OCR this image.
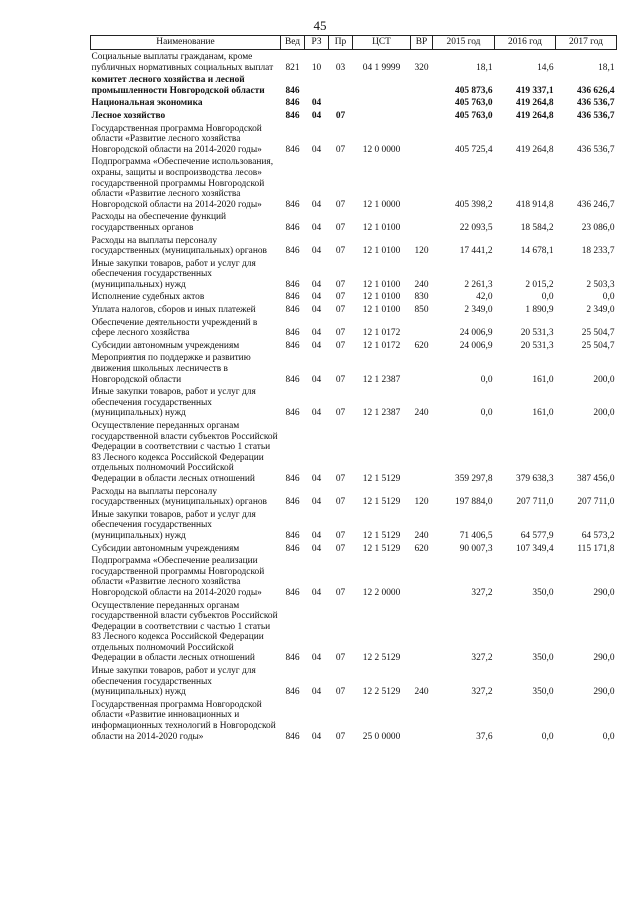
45
Наименование	Вед	РЗ	Пр	ЦСТ	ВР	2015 год	2016 год	2017 год
Социальные выплаты гражданам, кроме публичных нормативных социальных выплат	821	10	03	04 1 9999	320	18,1	14,6	18,1
комитет лесного хозяйства и лесной промышленности Новгородской области	846					405 873,6	419 337,1	436 626,4
Национальная экономика	846	04				405 763,0	419 264,8	436 536,7
Лесное хозяйство	846	04	07			405 763,0	419 264,8	436 536,7
Государственная программа Новгородской области «Развитие лесного хозяйства Новгородской области на 2014-2020 годы»	846	04	07	12 0 0000		405 725,4	419 264,8	436 536,7
Подпрограмма «Обеспечение использования, охраны, защиты и воспроизводства лесов» государственной программы Новгородской области «Развитие лесного хозяйства Новгородской области на 2014-2020 годы»	846	04	07	12 1 0000		405 398,2	418 914,8	436 246,7
Расходы на обеспечение функций государственных органов	846	04	07	12 1 0100		22 093,5	18 584,2	23 086,0
Расходы на выплаты персоналу государственных (муниципальных) органов	846	04	07	12 1 0100	120	17 441,2	14 678,1	18 233,7
Иные закупки товаров, работ и услуг для обеспечения государственных (муниципальных) нужд	846	04	07	12 1 0100	240	2 261,3	2 015,2	2 503,3
Исполнение судебных актов	846	04	07	12 1 0100	830	42,0	0,0	0,0
Уплата налогов, сборов и иных платежей	846	04	07	12 1 0100	850	2 349,0	1 890,9	2 349,0
Обеспечение деятельности учреждений в сфере лесного хозяйства	846	04	07	12 1 0172		24 006,9	20 531,3	25 504,7
Субсидии автономным учреждениям	846	04	07	12 1 0172	620	24 006,9	20 531,3	25 504,7
Мероприятия по поддержке и развитию движения школьных лесничеств в Новгородской области	846	04	07	12 1 2387		0,0	161,0	200,0
Иные закупки товаров, работ и услуг для обеспечения государственных (муниципальных) нужд	846	04	07	12 1 2387	240	0,0	161,0	200,0
Осуществление переданных органам государственной власти субъектов Российской Федерации в соответствии с частью 1 статьи 83 Лесного кодекса Российской Федерации отдельных полномочий Российской Федерации в области лесных отношений	846	04	07	12 1 5129		359 297,8	379 638,3	387 456,0
Расходы на выплаты персоналу государственных (муниципальных) органов	846	04	07	12 1 5129	120	197 884,0	207 711,0	207 711,0
Иные закупки товаров, работ и услуг для обеспечения государственных (муниципальных) нужд	846	04	07	12 1 5129	240	71 406,5	64 577,9	64 573,2
Субсидии автономным учреждениям	846	04	07	12 1 5129	620	90 007,3	107 349,4	115 171,8
Подпрограмма «Обеспечение реализации государственной программы Новгородской области «Развитие лесного хозяйства Новгородской области на 2014-2020 годы»	846	04	07	12 2 0000		327,2	350,0	290,0
Осуществление переданных органам государственной власти субъектов Российской Федерации в соответствии с частью 1 статьи 83 Лесного кодекса Российской Федерации отдельных полномочий Российской Федерации в области лесных отношений	846	04	07	12 2 5129		327,2	350,0	290,0
Иные закупки товаров, работ и услуг для обеспечения государственных (муниципальных) нужд	846	04	07	12 2 5129	240	327,2	350,0	290,0
Государственная программа Новгородской области «Развитие инновационных и информационных технологий в Новгородской области на 2014-2020 годы»	846	04	07	25 0 0000		37,6	0,0	0,0
